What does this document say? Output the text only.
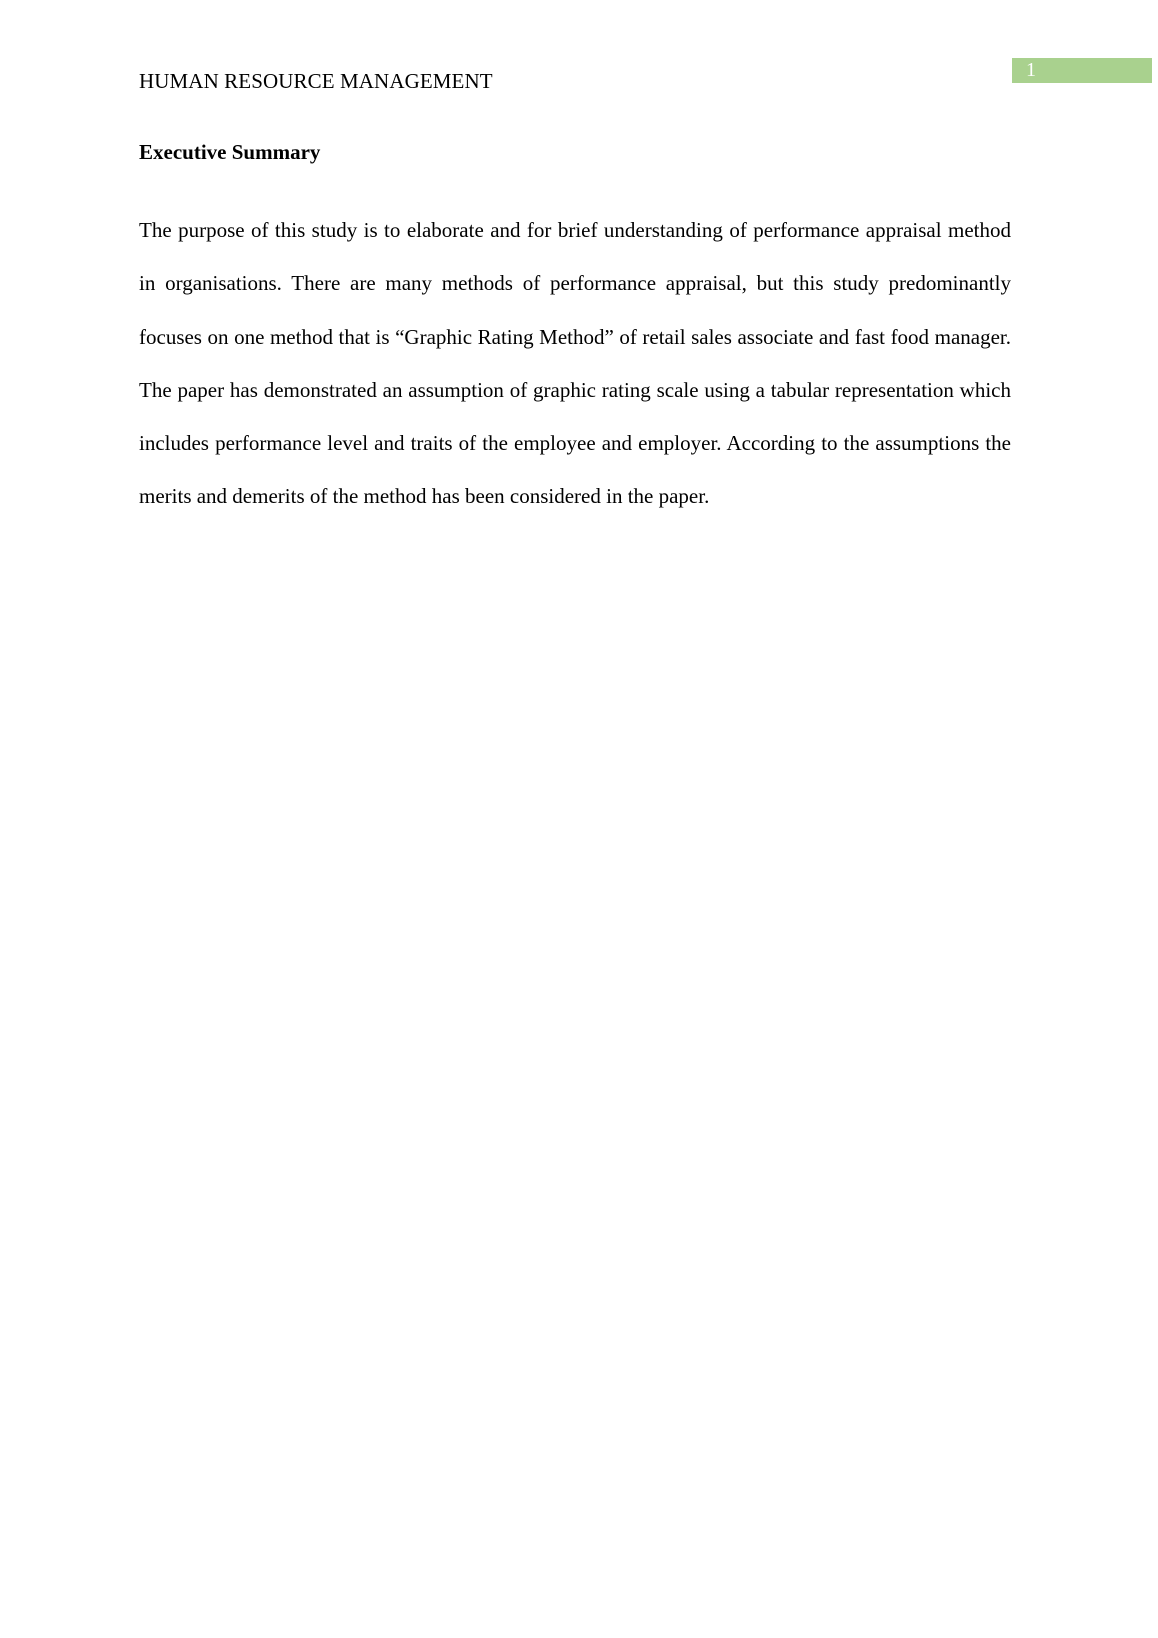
HUMAN RESOURCE MANAGEMENT	1
Executive Summary

The purpose of this study is to elaborate and for brief understanding of performance appraisal method in organisations. There are many methods of performance appraisal, but this study predominantly focuses on one method that is “Graphic Rating Method” of retail sales associate and fast food manager. The paper has demonstrated an assumption of graphic rating scale using a tabular representation which includes performance level and traits of the employee and employer. According to the assumptions the merits and demerits of the method has been considered in the paper.
